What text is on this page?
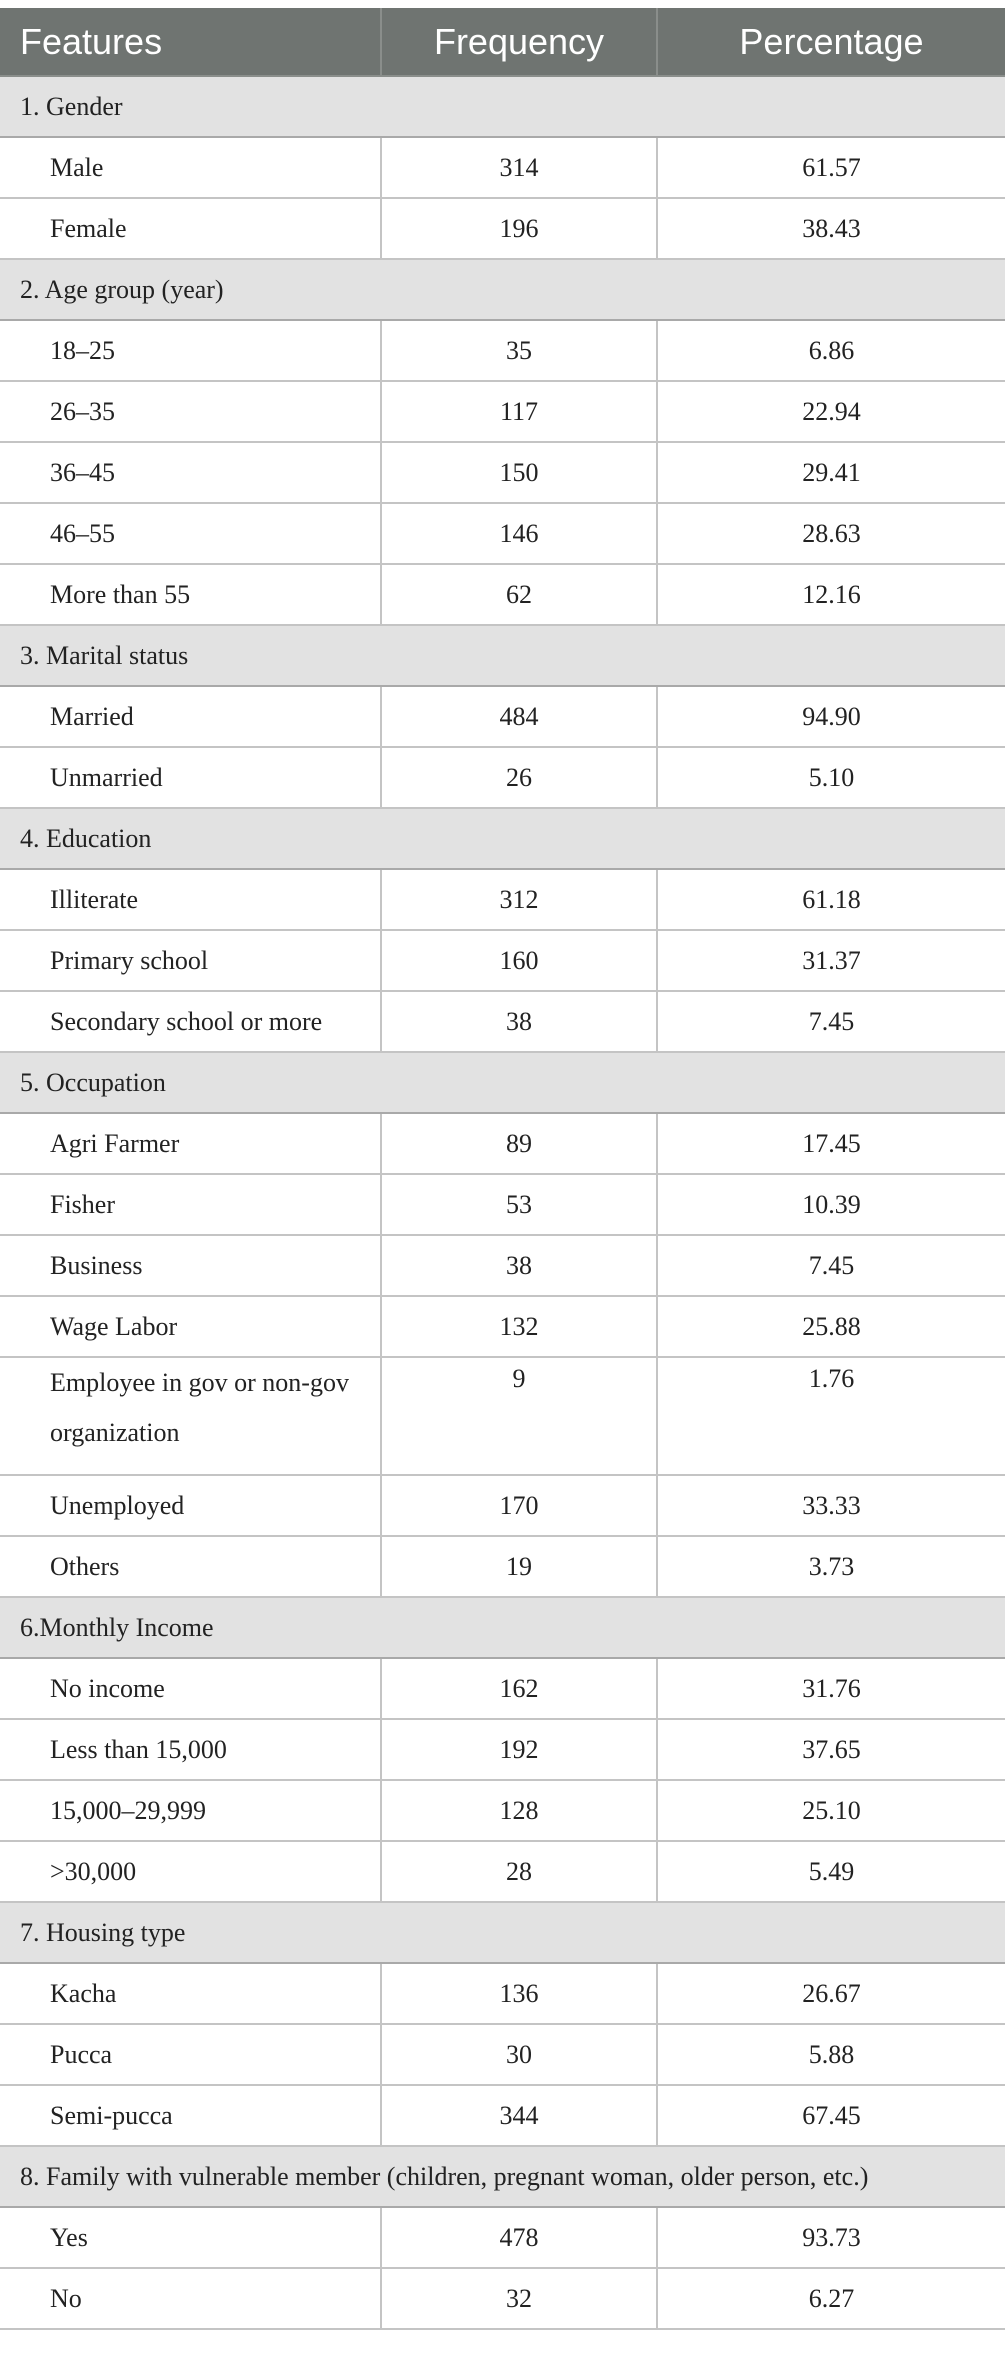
Features	Frequency	Percentage
1. Gender		
Male	314	61.57
Female	196	38.43
2. Age group (year)		
18–25	35	6.86
26–35	117	22.94
36–45	150	29.41
46–55	146	28.63
More than 55	62	12.16
3. Marital status		
Married	484	94.90
Unmarried	26	5.10
4. Education		
Illiterate	312	61.18
Primary school	160	31.37
Secondary school or more	38	7.45
5. Occupation		
Agri Farmer	89	17.45
Fisher	53	10.39
Business	38	7.45
Wage Labor	132	25.88
Employee in gov or non-gov organization	9	1.76
Unemployed	170	33.33
Others	19	3.73
6.Monthly Income		
No income	162	31.76
Less than 15,000	192	37.65
15,000–29,999	128	25.10
>30,000	28	5.49
7. Housing type		
Kacha	136	26.67
Pucca	30	5.88
Semi-pucca	344	67.45
8. Family with vulnerable member (children, pregnant woman, older person, etc.)		
Yes	478	93.73
No	32	6.27
